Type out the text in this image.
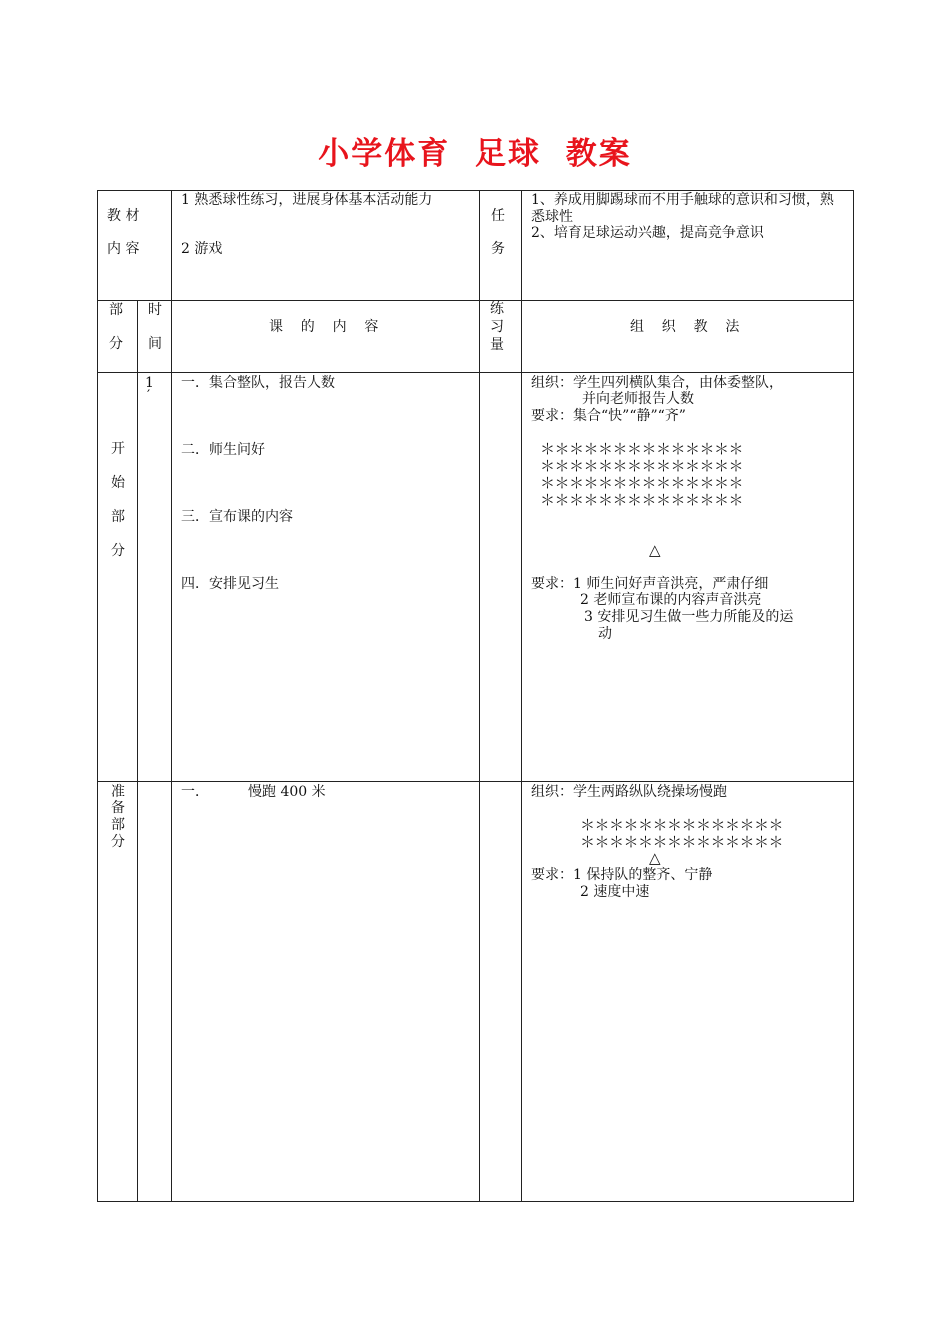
小学体育 足球 教案
教 材
内 容
1 熟悉球性练习，进展身体基本活动能力
2 游戏
任
务
1、养成用脚踢球而不用手触球的意识和习惯，熟悉球性
2、培育足球运动兴趣，提高竞争意识
部
分
时
间
课    的    内    容
练
习
量
组    织    教    法
开
始
部
分
1
′
一．集合整队，报告人数
二．师生问好
三．宣布课的内容
四．安排见习生
组织：学生四列横队集合，由体委整队，
并向老师报告人数
要求：集合“快”“静”“齐”
＊＊＊＊＊＊＊＊＊＊＊＊＊＊
＊＊＊＊＊＊＊＊＊＊＊＊＊＊
＊＊＊＊＊＊＊＊＊＊＊＊＊＊
＊＊＊＊＊＊＊＊＊＊＊＊＊＊
△
要求：1 师生问好声音洪亮，严肃仔细
2 老师宣布课的内容声音洪亮
3 安排见习生做一些力所能及的运
动
准
备
部
分
一．	慢跑 400 米	组织：学生两路纵队绕操场慢跑
＊＊＊＊＊＊＊＊＊＊＊＊＊＊
＊＊＊＊＊＊＊＊＊＊＊＊＊＊
△
要求：1 保持队的整齐、宁静
2 速度中速
